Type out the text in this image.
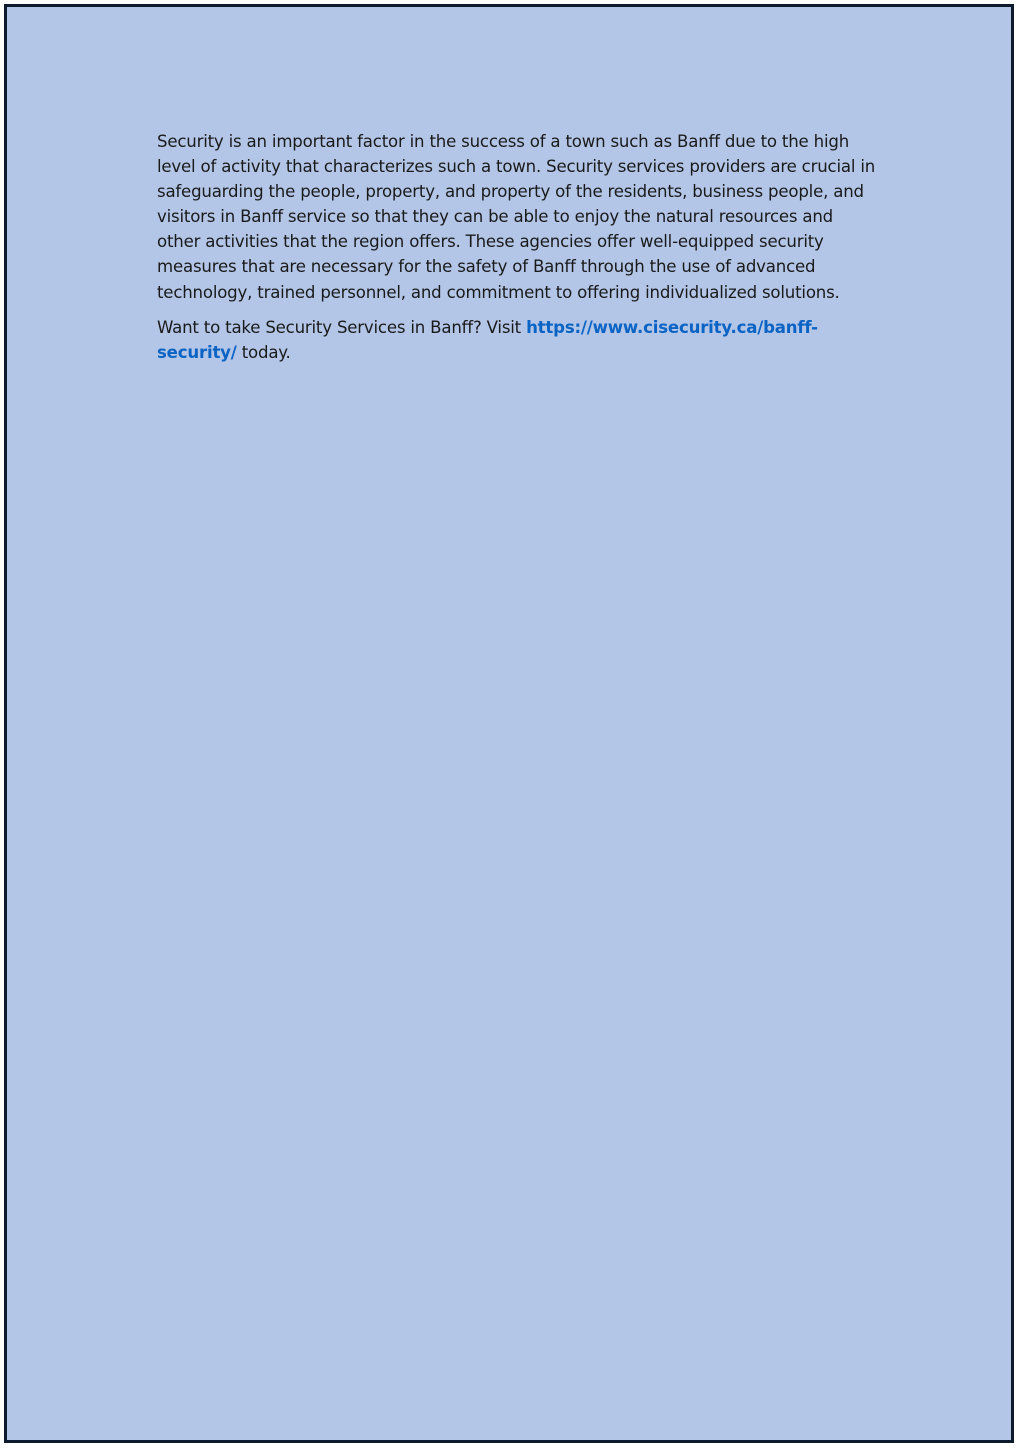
Security is an important factor in the success of a town such as Banff due to the high level of activity that characterizes such a town. Security services providers are crucial in safeguarding the people, property, and property of the residents, business people, and visitors in Banff service so that they can be able to enjoy the natural resources and other activities that the region offers. These agencies offer well-equipped security measures that are necessary for the safety of Banff through the use of advanced technology, trained personnel, and commitment to offering individualized solutions.

Want to take Security Services in Banff? Visit https://www.cisecurity.ca/banff-security/ today.
